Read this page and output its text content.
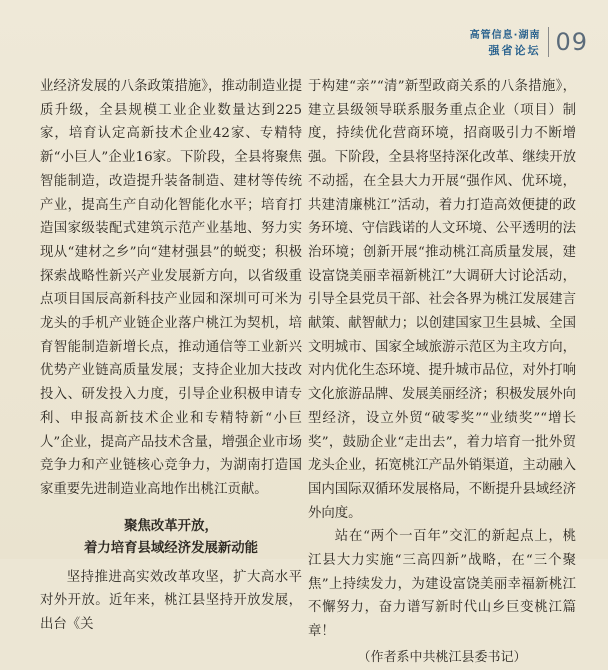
高管信息·湖南
强省论坛 09

业经济发展的八条政策措施》，推动制造业提质升级，全县规模工业企业数量达到225家，培育认定高新技术企业42家、专精特新“小巨人”企业16家。下阶段，全县将聚焦智能制造，改造提升装备制造、建材等传统产业，提高生产自动化智能化水平；培育打造国家级装配式建筑示范产业基地、努力实现从“建材之乡”向“建材强县”的蜕变；积极探索战略性新兴产业发展新方向，以省级重点项目国辰高新科技产业园和深圳可可米为龙头的手机产业链企业落户桃江为契机，培育智能制造新增长点，推动通信等工业新兴优势产业链高质量发展；支持企业加大技改投入、研发投入力度，引导企业积极申请专利、申报高新技术企业和专精特新“小巨人”企业，提高产品技术含量，增强企业市场竞争力和产业链核心竞争力，为湖南打造国家重要先进制造业高地作出桃江贡献。

聚焦改革开放，
着力培育县域经济发展新动能

坚持推进高实效改革攻坚，扩大高水平对外开放。近年来，桃江县坚持开放发展，出台《关

于构建“亲”“清”新型政商关系的八条措施》，建立县级领导联系服务重点企业（项目）制度，持续优化营商环境，招商吸引力不断增强。下阶段，全县将坚持深化改革、继续开放不动摇，在全县大力开展“强作风、优环境，共建清廉桃江”活动，着力打造高效便捷的政务环境、守信践诺的人文环境、公平透明的法治环境；创新开展“推动桃江高质量发展，建设富饶美丽幸福新桃江”大调研大讨论活动，引导全县党员干部、社会各界为桃江发展建言献策、献智献力；以创建国家卫生县城、全国文明城市、国家全域旅游示范区为主攻方向，对内优化生态环境、提升城市品位，对外打响文化旅游品牌、发展美丽经济；积极发展外向型经济，设立外贸“破零奖”“业绩奖”“增长奖”，鼓励企业“走出去”，着力培育一批外贸龙头企业，拓宽桃江产品外销渠道，主动融入国内国际双循环发展格局，不断提升县域经济外向度。

站在“两个一百年”交汇的新起点上，桃江县大力实施“三高四新”战略，在“三个聚焦”上持续发力，为建设富饶美丽幸福新桃江不懈努力，奋力谱写新时代山乡巨变桃江篇章！

（作者系中共桃江县委书记）
